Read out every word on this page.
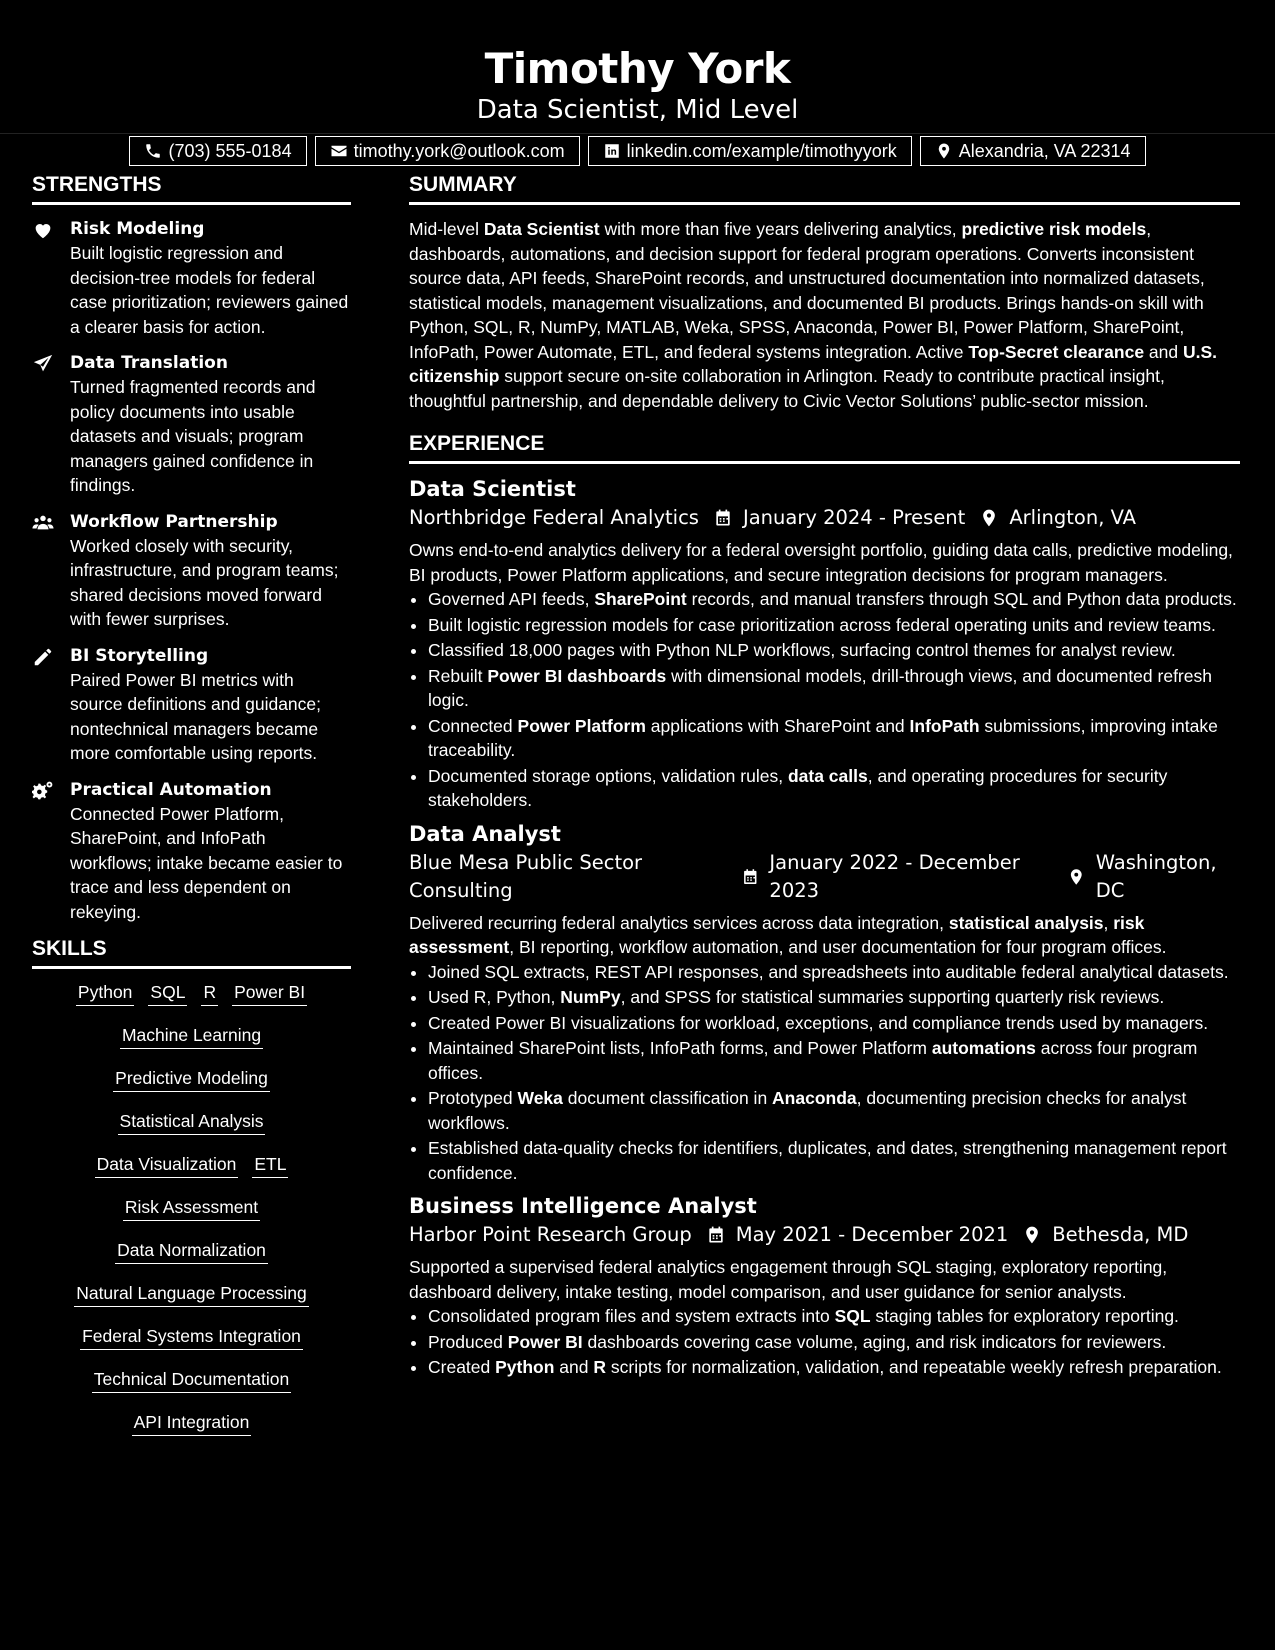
Timothy York
Data Scientist, Mid Level
(703) 555-0184	timothy.york@outlook.com	linkedin.com/example/timothyyork	Alexandria, VA 22314
STRENGTHS
Risk Modeling
Built logistic regression and decision-tree models for federal case prioritization; reviewers gained a clearer basis for action.
Data Translation
Turned fragmented records and policy documents into usable datasets and visuals; program managers gained confidence in findings.
Workflow Partnership
Worked closely with security, infrastructure, and program teams; shared decisions moved forward with fewer surprises.
BI Storytelling
Paired Power BI metrics with source definitions and guidance; nontechnical managers became more comfortable using reports.
Practical Automation
Connected Power Platform, SharePoint, and InfoPath workflows; intake became easier to trace and less dependent on rekeying.
SKILLS
Python SQL R Power BI
Machine Learning
Predictive Modeling
Statistical Analysis
Data Visualization ETL
Risk Assessment
Data Normalization
Natural Language Processing
Federal Systems Integration
Technical Documentation
API Integration
SUMMARY
Mid-level Data Scientist with more than five years delivering analytics, predictive risk models, dashboards, automations, and decision support for federal program operations. Converts inconsistent source data, API feeds, SharePoint records, and unstructured documentation into normalized datasets, statistical models, management visualizations, and documented BI products. Brings hands-on skill with Python, SQL, R, NumPy, MATLAB, Weka, SPSS, Anaconda, Power BI, Power Platform, SharePoint, InfoPath, Power Automate, ETL, and federal systems integration. Active Top-Secret clearance and U.S. citizenship support secure on-site collaboration in Arlington. Ready to contribute practical insight, thoughtful partnership, and dependable delivery to Civic Vector Solutions’ public-sector mission.
EXPERIENCE
Data Scientist
Northbridge Federal Analytics January 2024 - Present Arlington, VA
Owns end-to-end analytics delivery for a federal oversight portfolio, guiding data calls, predictive modeling, BI products, Power Platform applications, and secure integration decisions for program managers.
• Governed API feeds, SharePoint records, and manual transfers through SQL and Python data products.
• Built logistic regression models for case prioritization across federal operating units and review teams.
• Classified 18,000 pages with Python NLP workflows, surfacing control themes for analyst review.
• Rebuilt Power BI dashboards with dimensional models, drill-through views, and documented refresh logic.
• Connected Power Platform applications with SharePoint and InfoPath submissions, improving intake traceability.
• Documented storage options, validation rules, data calls, and operating procedures for security stakeholders.
Data Analyst
Blue Mesa Public Sector Consulting
January 2022 - December 2023
Washington, DC
Delivered recurring federal analytics services across data integration, statistical analysis, risk assessment, BI reporting, workflow automation, and user documentation for four program offices.
• Joined SQL extracts, REST API responses, and spreadsheets into auditable federal analytical datasets.
• Used R, Python, NumPy, and SPSS for statistical summaries supporting quarterly risk reviews.
• Created Power BI visualizations for workload, exceptions, and compliance trends used by managers.
• Maintained SharePoint lists, InfoPath forms, and Power Platform automations across four program offices.
• Prototyped Weka document classification in Anaconda, documenting precision checks for analyst workflows.
• Established data-quality checks for identifiers, duplicates, and dates, strengthening management report confidence.
Business Intelligence Analyst
Harbor Point Research Group May 2021 - December 2021 Bethesda, MD
Supported a supervised federal analytics engagement through SQL staging, exploratory reporting, dashboard delivery, intake testing, model comparison, and user guidance for senior analysts.
• Consolidated program files and system extracts into SQL staging tables for exploratory reporting.
• Produced Power BI dashboards covering case volume, aging, and risk indicators for reviewers.
• Created Python and R scripts for normalization, validation, and repeatable weekly refresh preparation.
